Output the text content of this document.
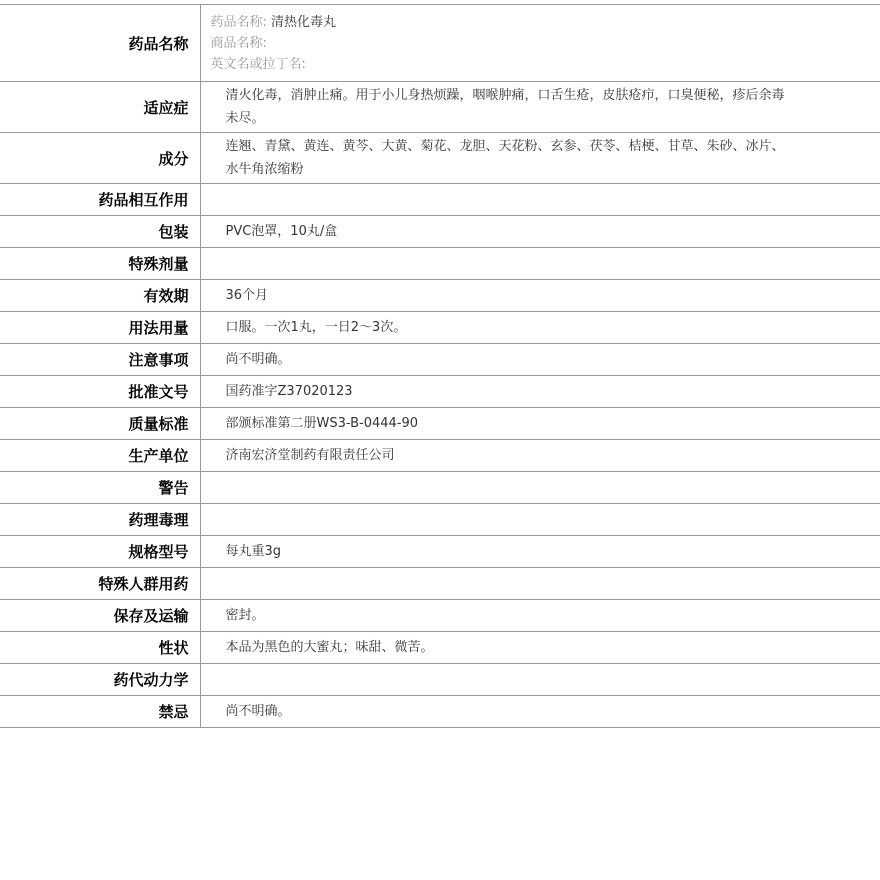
药品名称	药品名称: 清热化毒丸
商品名称:
英文名或拉丁名:

适应症	清火化毒，消肿止痛。用于小儿身热烦躁，咽喉肿痛，口舌生疮，皮肤疮疖，口臭便秘，疹后余毒未尽。
成分	连翘、青黛、黄连、黄芩、大黄、菊花、龙胆、天花粉、玄参、茯苓、桔梗、甘草、朱砂、冰片、水牛角浓缩粉
药品相互作用	
包装	PVC泡罩，10丸/盒
特殊剂量	
有效期	36个月
用法用量	口服。一次1丸，一日2～3次。
注意事项	尚不明确。
批准文号	国药准字Z37020123
质量标准	部颁标准第二册WS3-B-0444-90
生产单位	济南宏济堂制药有限责任公司
警告	
药理毒理	
规格型号	每丸重3g
特殊人群用药	
保存及运输	密封。
性状	本品为黑色的大蜜丸；味甜、微苦。
药代动力学	
禁忌	尚不明确。
